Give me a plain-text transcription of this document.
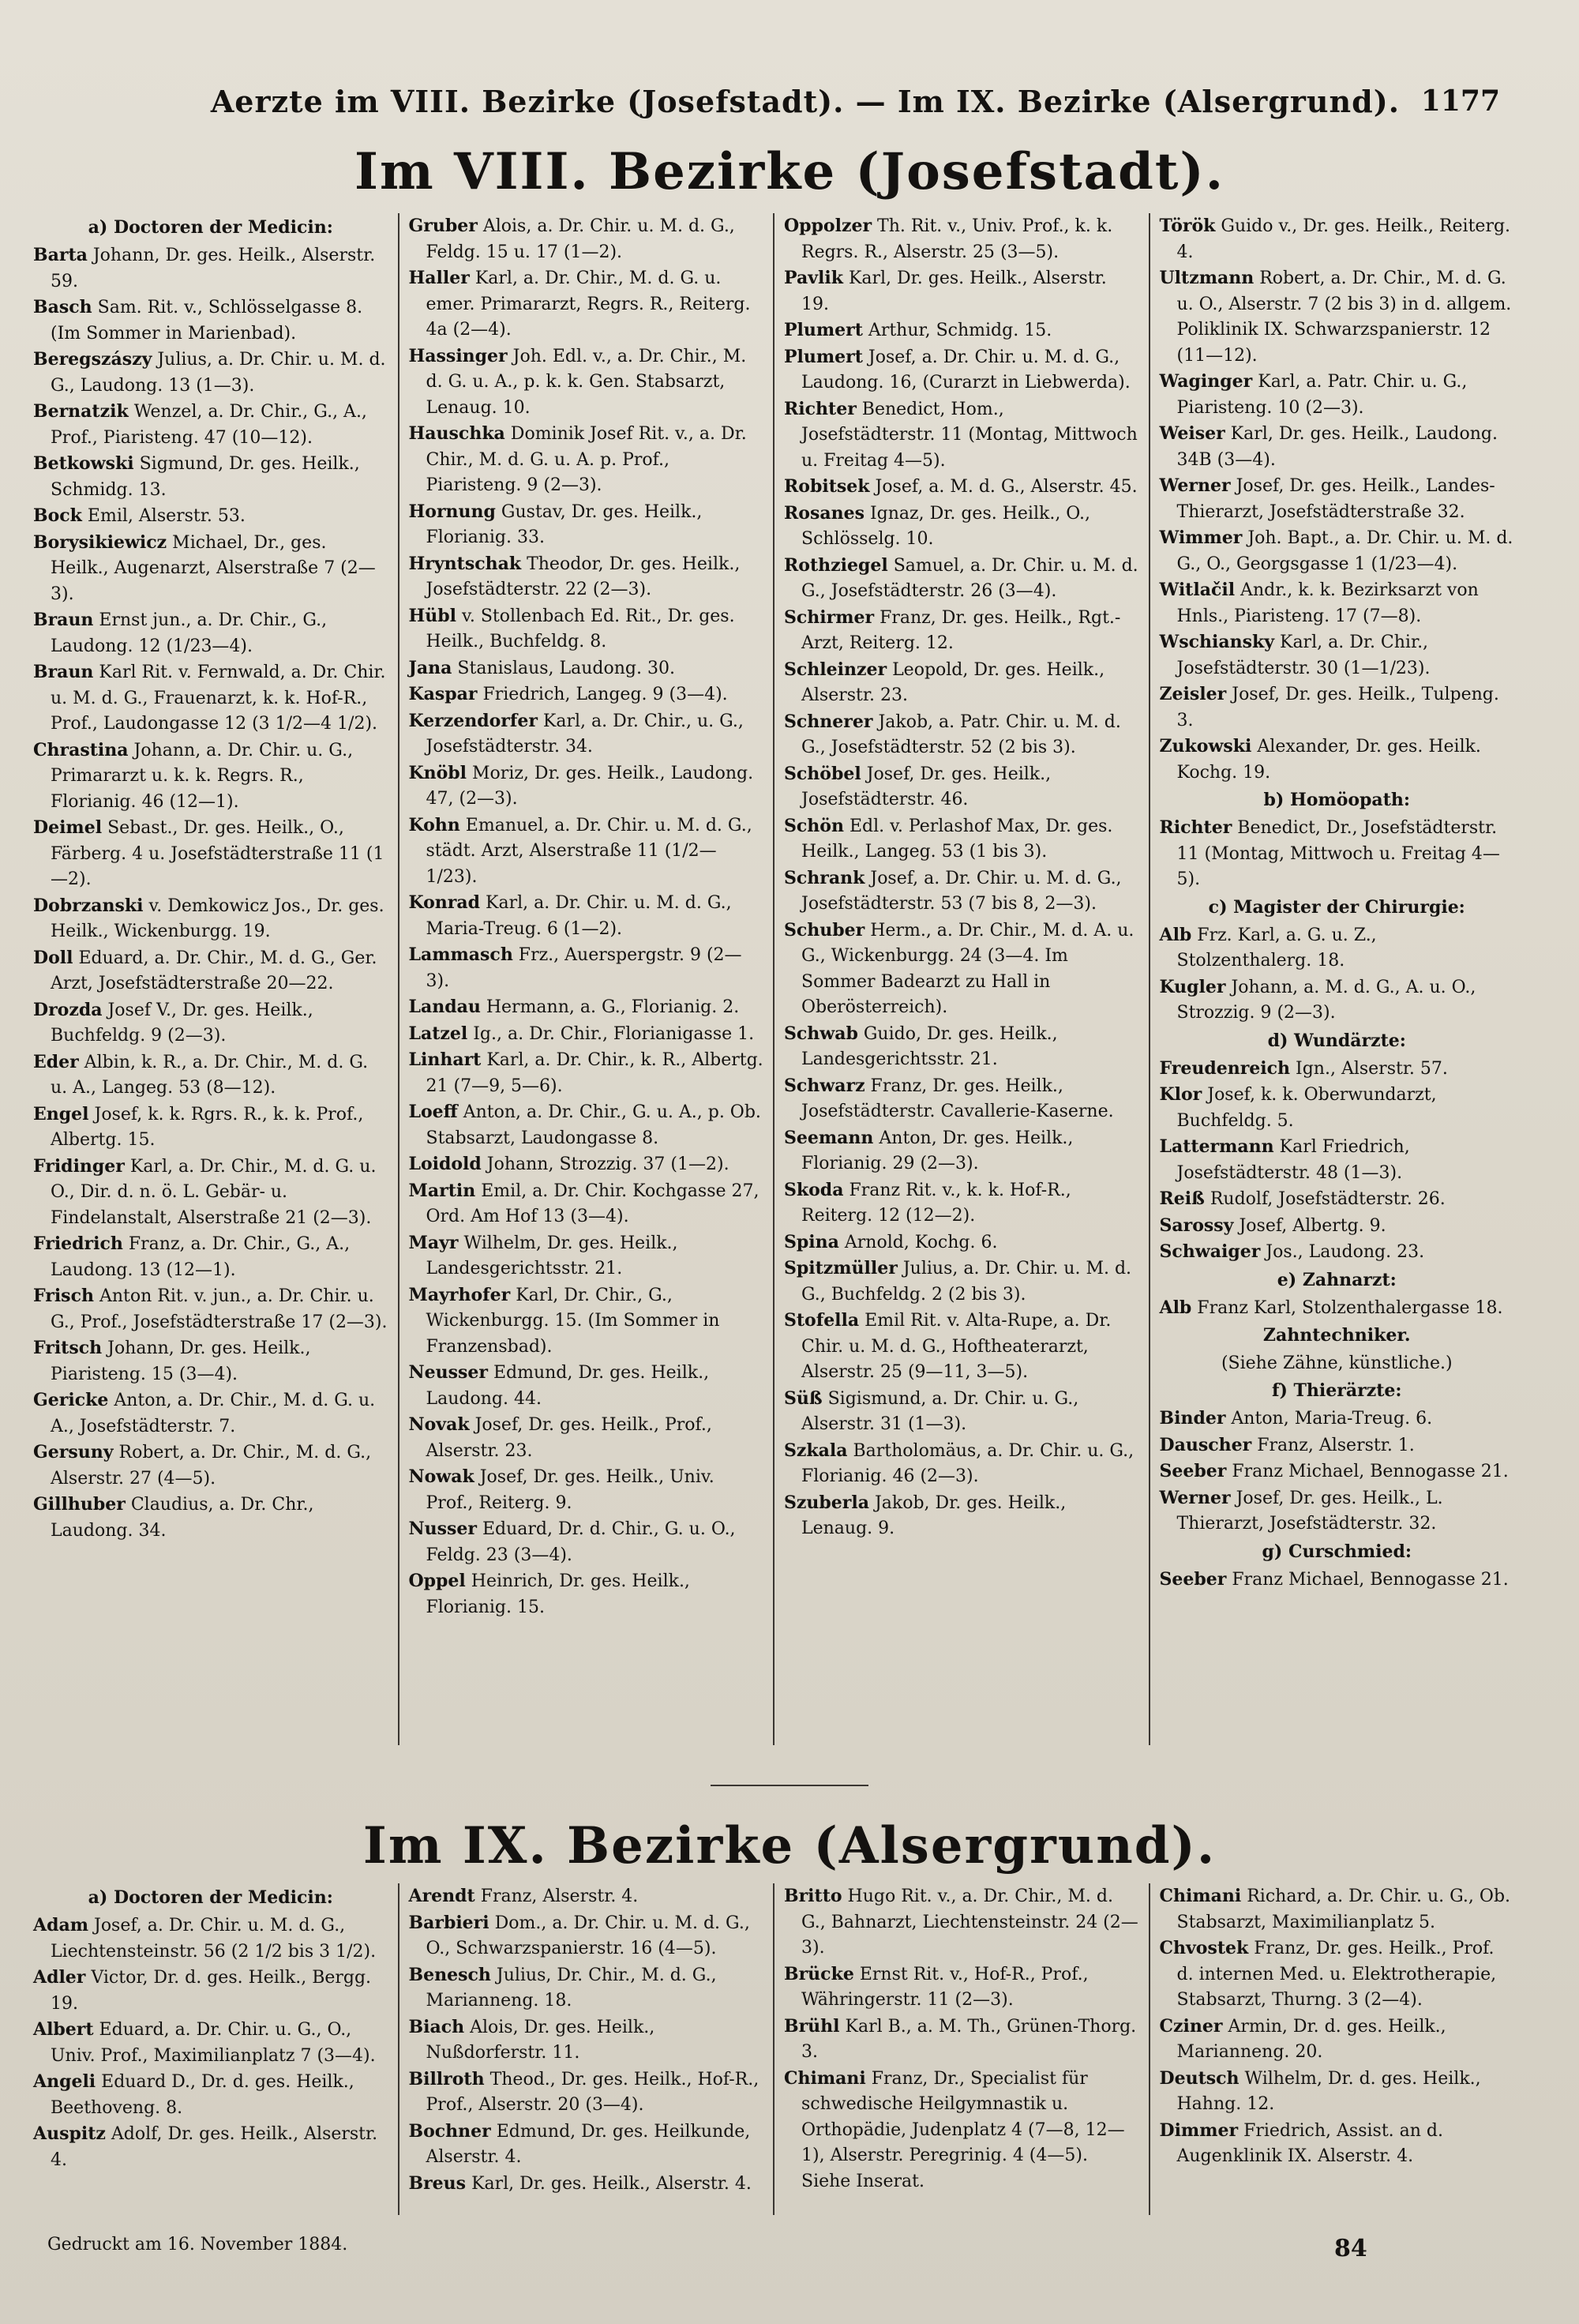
Aerzte im VIII. Bezirke (Josefstadt). — Im IX. Bezirke (Alsergrund). 1177
Im VIII. Bezirke (Josefstadt).
a) Doctoren der Medicin:

Barta Johann, Dr. ges. Heilk., Alserstr. 59.

Basch Sam. Rit. v., Schlösselgasse 8. (Im Sommer in Marienbad).

Beregszászy Julius, a. Dr. Chir. u. M. d. G., Laudong. 13 (1—3).

Bernatzik Wenzel, a. Dr. Chir., G., A., Prof., Piaristeng. 47 (10—12).

Betkowski Sigmund, Dr. ges. Heilk., Schmidg. 13.

Bock Emil, Alserstr. 53.

Borysikiewicz Michael, Dr., ges. Heilk., Augenarzt, Alserstraße 7 (2—3).

Braun Ernst jun., a. Dr. Chir., G., Laudong. 12 (1/23—4).

Braun Karl Rit. v. Fernwald, a. Dr. Chir. u. M. d. G., Frauenarzt, k. k. Hof-R., Prof., Laudongasse 12 (3 1/2—4 1/2).

Chrastina Johann, a. Dr. Chir. u. G., Primararzt u. k. k. Regrs. R., Florianig. 46 (12—1).

Deimel Sebast., Dr. ges. Heilk., O., Färberg. 4 u. Josefstädterstraße 11 (1—2).

Dobrzanski v. Demkowicz Jos., Dr. ges. Heilk., Wickenburgg. 19.

Doll Eduard, a. Dr. Chir., M. d. G., Ger. Arzt, Josefstädterstraße 20—22.

Drozda Josef V., Dr. ges. Heilk., Buchfeldg. 9 (2—3).

Eder Albin, k. R., a. Dr. Chir., M. d. G. u. A., Langeg. 53 (8—12).

Engel Josef, k. k. Rgrs. R., k. k. Prof., Albertg. 15.

Fridinger Karl, a. Dr. Chir., M. d. G. u. O., Dir. d. n. ö. L. Gebär- u. Findelanstalt, Alserstraße 21 (2—3).

Friedrich Franz, a. Dr. Chir., G., A., Laudong. 13 (12—1).

Frisch Anton Rit. v. jun., a. Dr. Chir. u. G., Prof., Josefstädterstraße 17 (2—3).

Fritsch Johann, Dr. ges. Heilk., Piaristeng. 15 (3—4).

Gericke Anton, a. Dr. Chir., M. d. G. u. A., Josefstädterstr. 7.

Gersuny Robert, a. Dr. Chir., M. d. G., Alserstr. 27 (4—5).

Gillhuber Claudius, a. Dr. Chr., Laudong. 34.

Gruber Alois, a. Dr. Chir. u. M. d. G., Feldg. 15 u. 17 (1—2).

Haller Karl, a. Dr. Chir., M. d. G. u. emer. Primararzt, Regrs. R., Reiterg. 4a (2—4).

Hassinger Joh. Edl. v., a. Dr. Chir., M. d. G. u. A., p. k. k. Gen. Stabsarzt, Lenaug. 10.

Hauschka Dominik Josef Rit. v., a. Dr. Chir., M. d. G. u. A. p. Prof., Piaristeng. 9 (2—3).

Hornung Gustav, Dr. ges. Heilk., Florianig. 33.

Hryntschak Theodor, Dr. ges. Heilk., Josefstädterstr. 22 (2—3).

Hübl v. Stollenbach Ed. Rit., Dr. ges. Heilk., Buchfeldg. 8.

Jana Stanislaus, Laudong. 30.

Kaspar Friedrich, Langeg. 9 (3—4).

Kerzendorfer Karl, a. Dr. Chir., u. G., Josefstädterstr. 34.

Knöbl Moriz, Dr. ges. Heilk., Laudong. 47, (2—3).

Kohn Emanuel, a. Dr. Chir. u. M. d. G., städt. Arzt, Alserstraße 11 (1/2—1/23).

Konrad Karl, a. Dr. Chir. u. M. d. G., Maria-Treug. 6 (1—2).

Lammasch Frz., Auerspergstr. 9 (2—3).

Landau Hermann, a. G., Florianig. 2.

Latzel Ig., a. Dr. Chir., Florianigasse 1.

Linhart Karl, a. Dr. Chir., k. R., Albertg. 21 (7—9, 5—6).

Loeff Anton, a. Dr. Chir., G. u. A., p. Ob. Stabsarzt, Laudongasse 8.

Loidold Johann, Strozzig. 37 (1—2).

Martin Emil, a. Dr. Chir. Kochgasse 27, Ord. Am Hof 13 (3—4).

Mayr Wilhelm, Dr. ges. Heilk., Landesgerichtsstr. 21.

Mayrhofer Karl, Dr. Chir., G., Wickenburgg. 15. (Im Sommer in Franzensbad).

Neusser Edmund, Dr. ges. Heilk., Laudong. 44.

Novak Josef, Dr. ges. Heilk., Prof., Alserstr. 23.

Nowak Josef, Dr. ges. Heilk., Univ. Prof., Reiterg. 9.

Nusser Eduard, Dr. d. Chir., G. u. O., Feldg. 23 (3—4).

Oppel Heinrich, Dr. ges. Heilk., Florianig. 15.

Oppolzer Th. Rit. v., Univ. Prof., k. k. Regrs. R., Alserstr. 25 (3—5).

Pavlik Karl, Dr. ges. Heilk., Alserstr. 19.

Plumert Arthur, Schmidg. 15.

Plumert Josef, a. Dr. Chir. u. M. d. G., Laudong. 16, (Curarzt in Liebwerda).

Richter Benedict, Hom., Josefstädterstr. 11 (Montag, Mittwoch u. Freitag 4—5).

Robitsek Josef, a. M. d. G., Alserstr. 45.

Rosanes Ignaz, Dr. ges. Heilk., O., Schlösselg. 10.

Rothziegel Samuel, a. Dr. Chir. u. M. d. G., Josefstädterstr. 26 (3—4).

Schirmer Franz, Dr. ges. Heilk., Rgt.-Arzt, Reiterg. 12.

Schleinzer Leopold, Dr. ges. Heilk., Alserstr. 23.

Schnerer Jakob, a. Patr. Chir. u. M. d. G., Josefstädterstr. 52 (2 bis 3).

Schöbel Josef, Dr. ges. Heilk., Josefstädterstr. 46.

Schön Edl. v. Perlashof Max, Dr. ges. Heilk., Langeg. 53 (1 bis 3).

Schrank Josef, a. Dr. Chir. u. M. d. G., Josefstädterstr. 53 (7 bis 8, 2—3).

Schuber Herm., a. Dr. Chir., M. d. A. u. G., Wickenburgg. 24 (3—4. Im Sommer Badearzt zu Hall in Oberösterreich).

Schwab Guido, Dr. ges. Heilk., Landesgerichtsstr. 21.

Schwarz Franz, Dr. ges. Heilk., Josefstädterstr. Cavallerie-Kaserne.

Seemann Anton, Dr. ges. Heilk., Florianig. 29 (2—3).

Skoda Franz Rit. v., k. k. Hof-R., Reiterg. 12 (12—2).

Spina Arnold, Kochg. 6.

Spitzmüller Julius, a. Dr. Chir. u. M. d. G., Buchfeldg. 2 (2 bis 3).

Stofella Emil Rit. v. Alta-Rupe, a. Dr. Chir. u. M. d. G., Hoftheaterarzt, Alserstr. 25 (9—11, 3—5).

Süß Sigismund, a. Dr. Chir. u. G., Alserstr. 31 (1—3).

Szkala Bartholomäus, a. Dr. Chir. u. G., Florianig. 46 (2—3).

Szuberla Jakob, Dr. ges. Heilk., Lenaug. 9.

Török Guido v., Dr. ges. Heilk., Reiterg. 4.

Ultzmann Robert, a. Dr. Chir., M. d. G. u. O., Alserstr. 7 (2 bis 3) in d. allgem. Poliklinik IX. Schwarzspanierstr. 12 (11—12).

Waginger Karl, a. Patr. Chir. u. G., Piaristeng. 10 (2—3).

Weiser Karl, Dr. ges. Heilk., Laudong. 34B (3—4).

Werner Josef, Dr. ges. Heilk., Landes-Thierarzt, Josefstädterstraße 32.

Wimmer Joh. Bapt., a. Dr. Chir. u. M. d. G., O., Georgsgasse 1 (1/23—4).

Witlačil Andr., k. k. Bezirksarzt von Hnls., Piaristeng. 17 (7—8).

Wschiansky Karl, a. Dr. Chir., Josefstädterstr. 30 (1—1/23).

Zeisler Josef, Dr. ges. Heilk., Tulpeng. 3.

Zukowski Alexander, Dr. ges. Heilk. Kochg. 19.

b) Homöopath:

Richter Benedict, Dr., Josefstädterstr. 11 (Montag, Mittwoch u. Freitag 4—5).

c) Magister der Chirurgie:

Alb Frz. Karl, a. G. u. Z., Stolzenthalerg. 18.

Kugler Johann, a. M. d. G., A. u. O., Strozzig. 9 (2—3).

d) Wundärzte:

Freudenreich Ign., Alserstr. 57.

Klor Josef, k. k. Oberwundarzt, Buchfeldg. 5.

Lattermann Karl Friedrich, Josefstädterstr. 48 (1—3).

Reiß Rudolf, Josefstädterstr. 26.

Sarossy Josef, Albertg. 9.

Schwaiger Jos., Laudong. 23.

e) Zahnarzt:

Alb Franz Karl, Stolzenthalergasse 18.

Zahntechniker.
(Siehe Zähne, künstliche.)
f) Thierärzte:

Binder Anton, Maria-Treug. 6.

Dauscher Franz, Alserstr. 1.

Seeber Franz Michael, Bennogasse 21.

Werner Josef, Dr. ges. Heilk., L. Thierarzt, Josefstädterstr. 32.

g) Curschmied:

Seeber Franz Michael, Bennogasse 21.

Im IX. Bezirke (Alsergrund).
a) Doctoren der Medicin:

Adam Josef, a. Dr. Chir. u. M. d. G., Liechtensteinstr. 56 (2 1/2 bis 3 1/2).

Adler Victor, Dr. d. ges. Heilk., Bergg. 19.

Albert Eduard, a. Dr. Chir. u. G., O., Univ. Prof., Maximilianplatz 7 (3—4).

Angeli Eduard D., Dr. d. ges. Heilk., Beethoveng. 8.

Auspitz Adolf, Dr. ges. Heilk., Alserstr. 4.

Arendt Franz, Alserstr. 4.

Barbieri Dom., a. Dr. Chir. u. M. d. G., O., Schwarzspanierstr. 16 (4—5).

Benesch Julius, Dr. Chir., M. d. G., Marianneng. 18.

Biach Alois, Dr. ges. Heilk., Nußdorferstr. 11.

Billroth Theod., Dr. ges. Heilk., Hof-R., Prof., Alserstr. 20 (3—4).

Bochner Edmund, Dr. ges. Heilkunde, Alserstr. 4.

Breus Karl, Dr. ges. Heilk., Alserstr. 4.

Britto Hugo Rit. v., a. Dr. Chir., M. d. G., Bahnarzt, Liechtensteinstr. 24 (2—3).

Brücke Ernst Rit. v., Hof-R., Prof., Währingerstr. 11 (2—3).

Brühl Karl B., a. M. Th., Grünen-Thorg. 3.

Chimani Franz, Dr., Specialist für schwedische Heilgymnastik u. Orthopädie, Judenplatz 4 (7—8, 12—1), Alserstr. Peregrinig. 4 (4—5). Siehe Inserat.

Chimani Richard, a. Dr. Chir. u. G., Ob. Stabsarzt, Maximilianplatz 5.

Chvostek Franz, Dr. ges. Heilk., Prof. d. internen Med. u. Elektrotherapie, Stabsarzt, Thurng. 3 (2—4).

Cziner Armin, Dr. d. ges. Heilk., Marianneng. 20.

Deutsch Wilhelm, Dr. d. ges. Heilk., Hahng. 12.

Dimmer Friedrich, Assist. an d. Augenklinik IX. Alserstr. 4.

Gedruckt am 16. November 1884.	84
